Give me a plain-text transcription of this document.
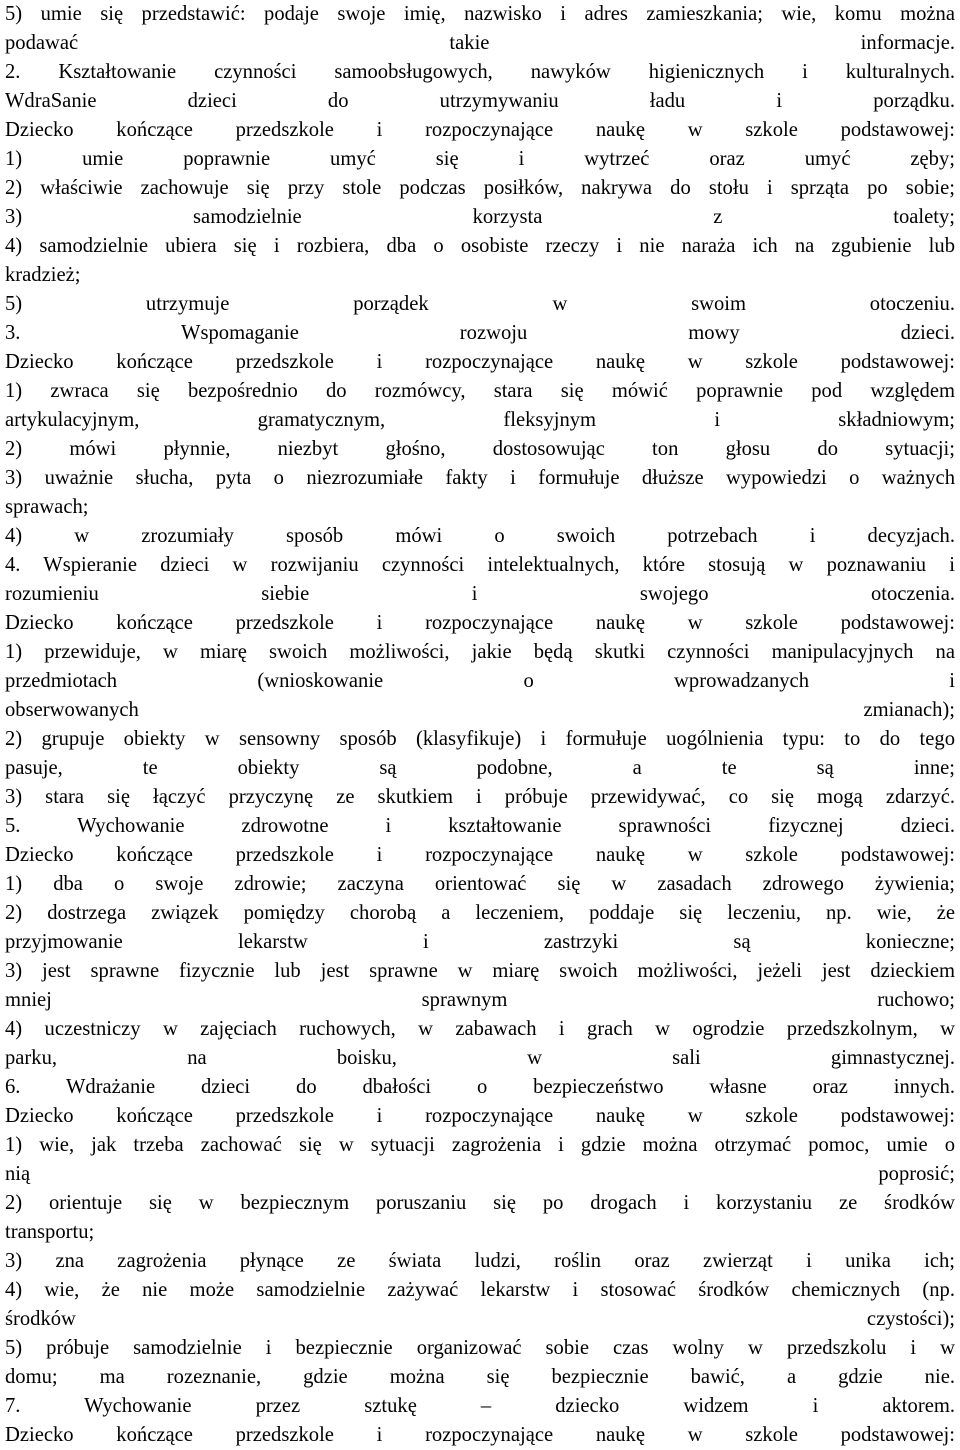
5) umie się przedstawić: podaje swoje imię, nazwisko i adres zamieszkania; wie, komu można
podawać takie informacje.
2. Kształtowanie czynności samoobsługowych, nawyków higienicznych i kulturalnych.
WdraSanie dzieci do utrzymywaniu ładu i porządku.
Dziecko kończące przedszkole i rozpoczynające naukę w szkole podstawowej:
1) umie poprawnie umyć się i wytrzeć oraz umyć zęby;
2) właściwie zachowuje się przy stole podczas posiłków, nakrywa do stołu i sprząta po sobie;
3) samodzielnie korzysta z toalety;
4) samodzielnie ubiera się i rozbiera, dba o osobiste rzeczy i nie naraża ich na zgubienie lub
kradzież;
5) utrzymuje porządek w swoim otoczeniu.
3. Wspomaganie rozwoju mowy dzieci.
Dziecko kończące przedszkole i rozpoczynające naukę w szkole podstawowej:
1) zwraca się bezpośrednio do rozmówcy, stara się mówić poprawnie pod względem
artykulacyjnym, gramatycznym, fleksyjnym i składniowym;
2) mówi płynnie, niezbyt głośno, dostosowując ton głosu do sytuacji;
3) uważnie słucha, pyta o niezrozumiałe fakty i formułuje dłuższe wypowiedzi o ważnych
sprawach;
4) w zrozumiały sposób mówi o swoich potrzebach i decyzjach.
4. Wspieranie dzieci w rozwijaniu czynności intelektualnych, które stosują w poznawaniu i
rozumieniu siebie i swojego otoczenia.
Dziecko kończące przedszkole i rozpoczynające naukę w szkole podstawowej:
1) przewiduje, w miarę swoich możliwości, jakie będą skutki czynności manipulacyjnych na
przedmiotach (wnioskowanie o wprowadzanych i
obserwowanych zmianach);
2) grupuje obiekty w sensowny sposób (klasyfikuje) i formułuje uogólnienia typu: to do tego
pasuje, te obiekty są podobne, a te są inne;
3) stara się łączyć przyczynę ze skutkiem i próbuje przewidywać, co się mogą zdarzyć.
5. Wychowanie zdrowotne i kształtowanie sprawności fizycznej dzieci.
Dziecko kończące przedszkole i rozpoczynające naukę w szkole podstawowej:
1) dba o swoje zdrowie; zaczyna orientować się w zasadach zdrowego żywienia;
2) dostrzega związek pomiędzy chorobą a leczeniem, poddaje się leczeniu, np. wie, że
przyjmowanie lekarstw i zastrzyki są konieczne;
3) jest sprawne fizycznie lub jest sprawne w miarę swoich możliwości, jeżeli jest dzieckiem
mniej sprawnym ruchowo;
4) uczestniczy w zajęciach ruchowych, w zabawach i grach w ogrodzie przedszkolnym, w
parku, na boisku, w sali gimnastycznej.
6. Wdrażanie dzieci do dbałości o bezpieczeństwo własne oraz innych.
Dziecko kończące przedszkole i rozpoczynające naukę w szkole podstawowej:
1) wie, jak trzeba zachować się w sytuacji zagrożenia i gdzie można otrzymać pomoc, umie o
nią poprosić;
2) orientuje się w bezpiecznym poruszaniu się po drogach i korzystaniu ze środków
transportu;
3) zna zagrożenia płynące ze świata ludzi, roślin oraz zwierząt i unika ich;
4) wie, że nie może samodzielnie zażywać lekarstw i stosować środków chemicznych (np.
środków czystości);
5) próbuje samodzielnie i bezpiecznie organizować sobie czas wolny w przedszkolu i w
domu; ma rozeznanie, gdzie można się bezpiecznie bawić, a gdzie nie.
7. Wychowanie przez sztukę – dziecko widzem i aktorem.
Dziecko kończące przedszkole i rozpoczynające naukę w szkole podstawowej:
